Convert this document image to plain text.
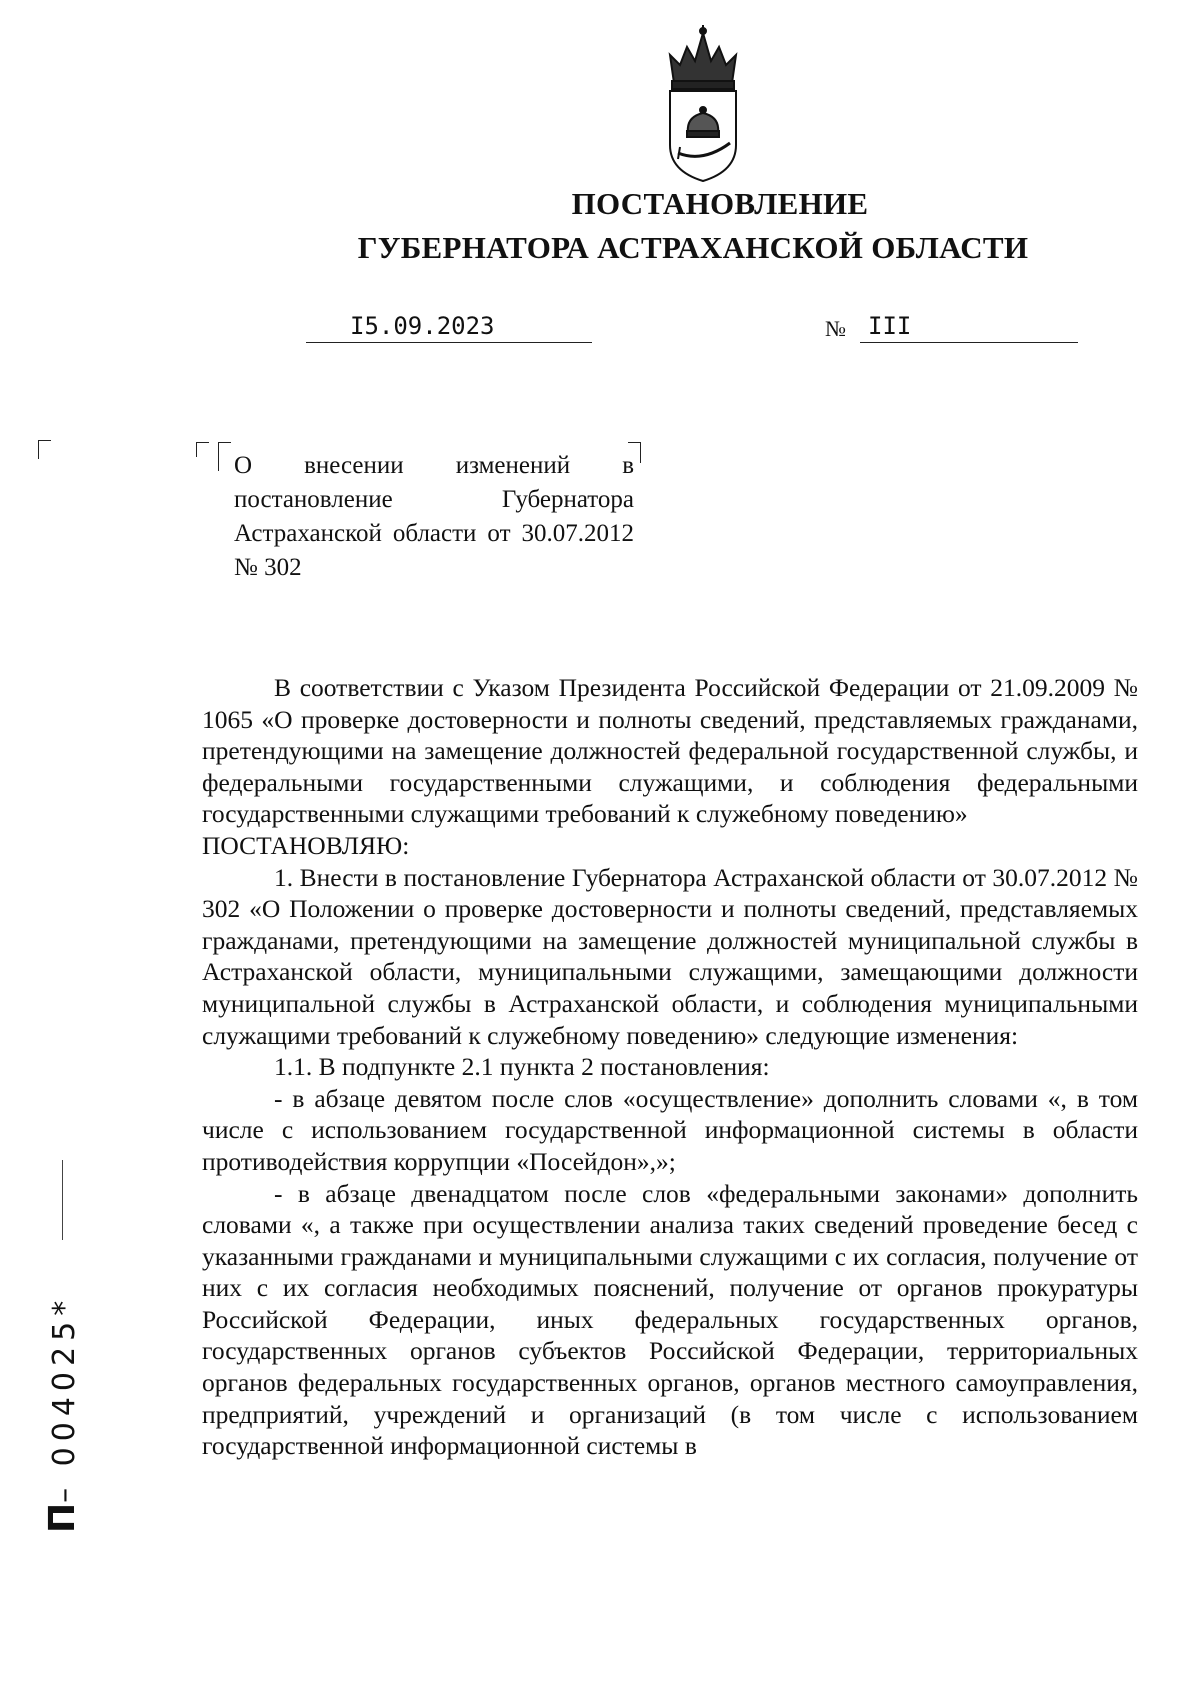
ПОСТАНОВЛЕНИЕ
ГУБЕРНАТОРА АСТРАХАНСКОЙ ОБЛАСТИ
I5.09.2023	№ III
О внесении изменений в постановление Губернатора Астраханской области от 30.07.2012 № 302

В соответствии с Указом Президента Российской Федерации от 21.09.2009 № 1065 «О проверке достоверности и полноты сведений, представляемых гражданами, претендующими на замещение должностей федеральной государственной службы, и федеральными государственными служащими, и соблюдения федеральными государственными служащими требований к служебному поведению»

ПОСТАНОВЛЯЮ:

1. Внести в постановление Губернатора Астраханской области от 30.07.2012 № 302 «О Положении о проверке достоверности и полноты сведений, представляемых гражданами, претендующими на замещение должностей муниципальной службы в Астраханской области, муниципальными служащими, замещающими должности муниципальной службы в Астраханской области, и соблюдения муниципальными служащими требований к служебному поведению» следующие изменения:

1.1. В подпункте 2.1 пункта 2 постановления:

- в абзаце девятом после слов «осуществление» дополнить словами «, в том числе с использованием государственной информационной системы в области противодействия коррупции «Посейдон»,»;

- в абзаце двенадцатом после слов «федеральными законами» дополнить словами «, а также при осуществлении анализа таких сведений проведение бесед с указанными гражданами и муниципальными служащими с их согласия, получение от них с их согласия необходимых пояснений, получение от органов прокуратуры Российской Федерации, иных федеральных государственных органов, государственных органов субъектов Российской Федерации, территориальных органов федеральных государственных органов, органов местного самоуправления, предприятий, учреждений и организаций (в том числе с использованием государственной информационной системы в

П– 004025*
